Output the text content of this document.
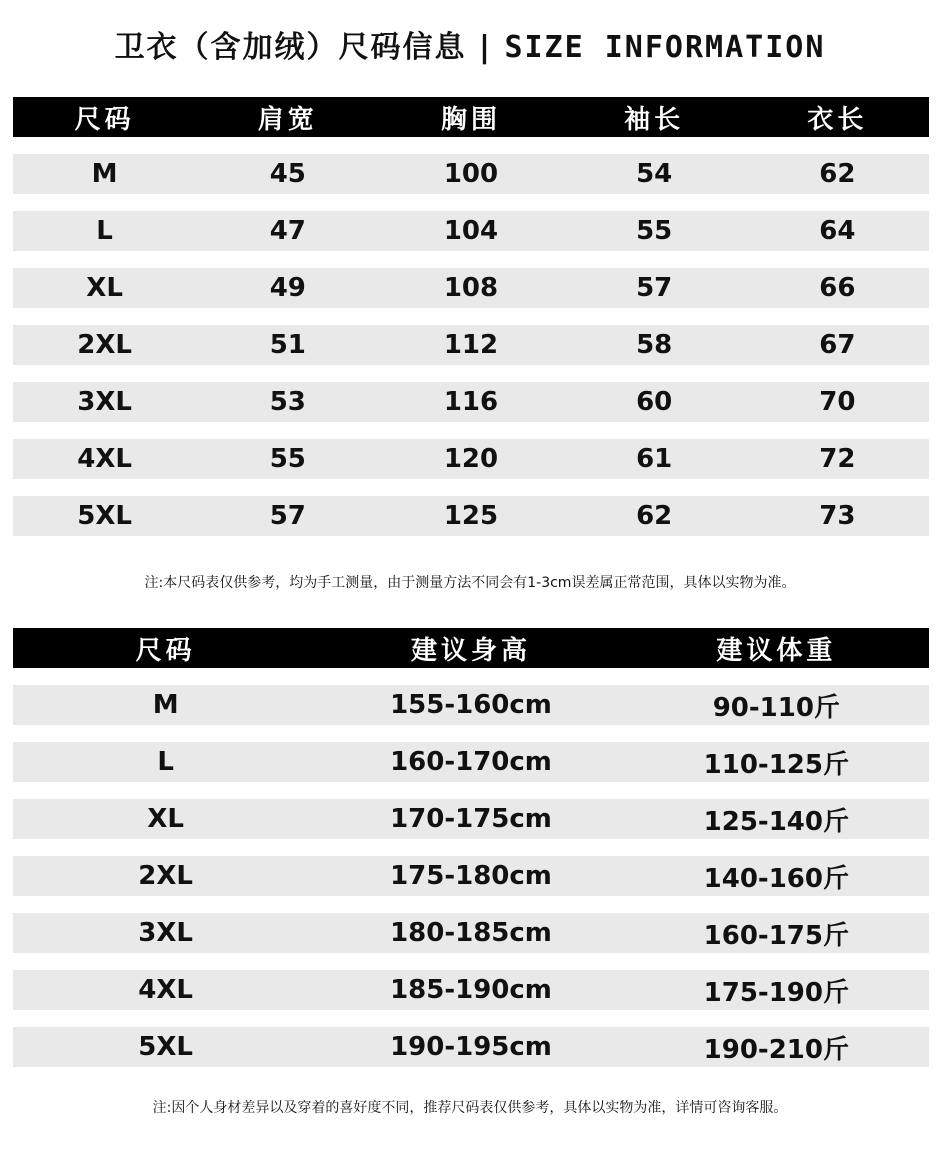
卫衣（含加绒）尺码信息 | SIZE INFORMATION
尺码	肩宽	胸围	袖长	衣长
M	45	100	54	62
L	47	104	55	64
XL	49	108	57	66
2XL	51	112	58	67
3XL	53	116	60	70
4XL	55	120	61	72
5XL	57	125	62	73
注:本尺码表仅供参考，均为手工测量，由于测量方法不同会有1-3cm误差属正常范围，具体以实物为准。
尺码	建议身高	建议体重
M	155-160cm	90-110斤
L	160-170cm	110-125斤
XL	170-175cm	125-140斤
2XL	175-180cm	140-160斤
3XL	180-185cm	160-175斤
4XL	185-190cm	175-190斤
5XL	190-195cm	190-210斤
注:因个人身材差异以及穿着的喜好度不同，推荐尺码表仅供参考，具体以实物为准，详情可咨询客服。
